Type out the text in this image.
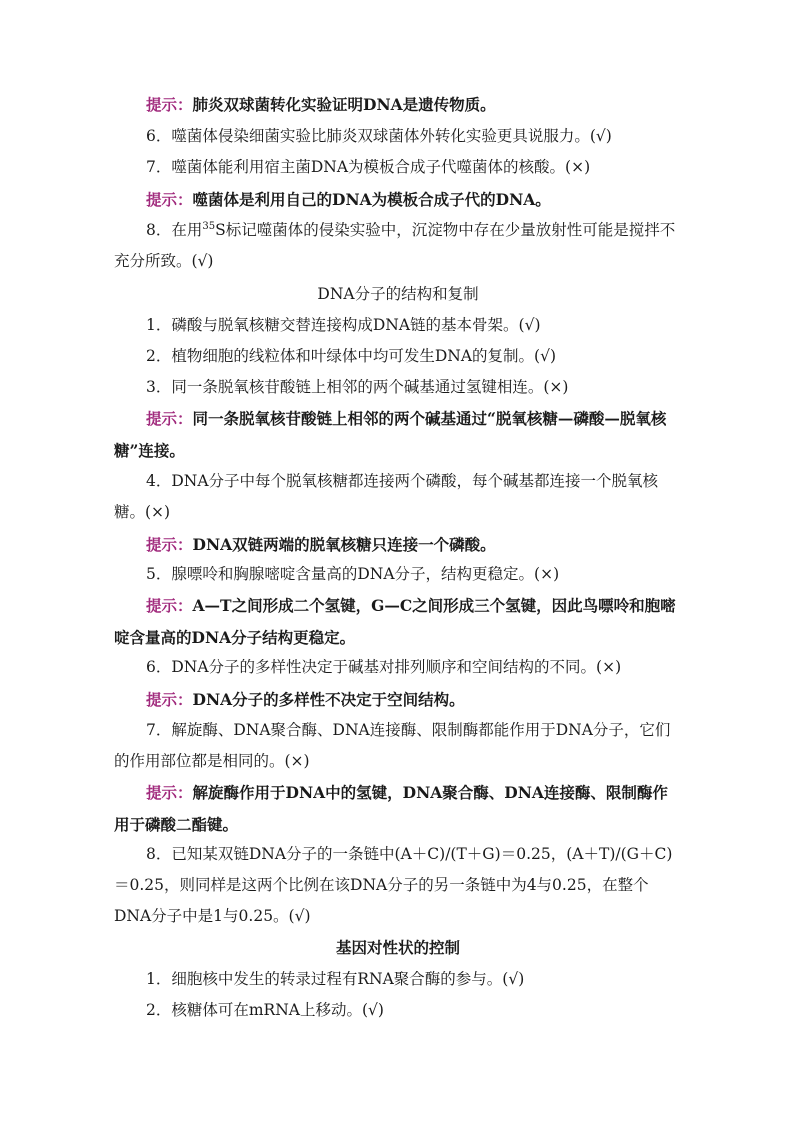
提示：肺炎双球菌转化实验证明DNA是遗传物质。

6．噬菌体侵染细菌实验比肺炎双球菌体外转化实验更具说服力。(√)

7．噬菌体能利用宿主菌DNA为模板合成子代噬菌体的核酸。(×)

提示：噬菌体是利用自己的DNA为模板合成子代的DNA。

8．在用$^{35}$S标记噬菌体的侵染实验中，沉淀物中存在少量放射性可能是搅拌不充分所致。(√)

DNA分子的结构和复制

1．磷酸与脱氧核糖交替连接构成DNA链的基本骨架。(√)

2．植物细胞的线粒体和叶绿体中均可发生DNA的复制。(√)

3．同一条脱氧核苷酸链上相邻的两个碱基通过氢键相连。(×)

提示：同一条脱氧核苷酸链上相邻的两个碱基通过“脱氧核糖—磷酸—脱氧核糖”连接。

4．DNA分子中每个脱氧核糖都连接两个磷酸，每个碱基都连接一个脱氧核糖。(×)

提示：DNA双链两端的脱氧核糖只连接一个磷酸。

5．腺嘌呤和胸腺嘧啶含量高的DNA分子，结构更稳定。(×)

提示：A—T之间形成二个氢键，G—C之间形成三个氢键，因此鸟嘌呤和胞嘧啶含量高的DNA分子结构更稳定。

6．DNA分子的多样性决定于碱基对排列顺序和空间结构的不同。(×)

提示：DNA分子的多样性不决定于空间结构。

7．解旋酶、DNA聚合酶、DNA连接酶、限制酶都能作用于DNA分子，它们的作用部位都是相同的。(×)

提示：解旋酶作用于DNA中的氢键，DNA聚合酶、DNA连接酶、限制酶作用于磷酸二酯键。

8．已知某双链DNA分子的一条链中(A＋C)/(T＋G)＝0.25，(A＋T)/(G＋C)＝0.25，则同样是这两个比例在该DNA分子的另一条链中为4与0.25，在整个DNA分子中是1与0.25。(√)

基因对性状的控制

1．细胞核中发生的转录过程有RNA聚合酶的参与。(√)

2．核糖体可在mRNA上移动。(√)
